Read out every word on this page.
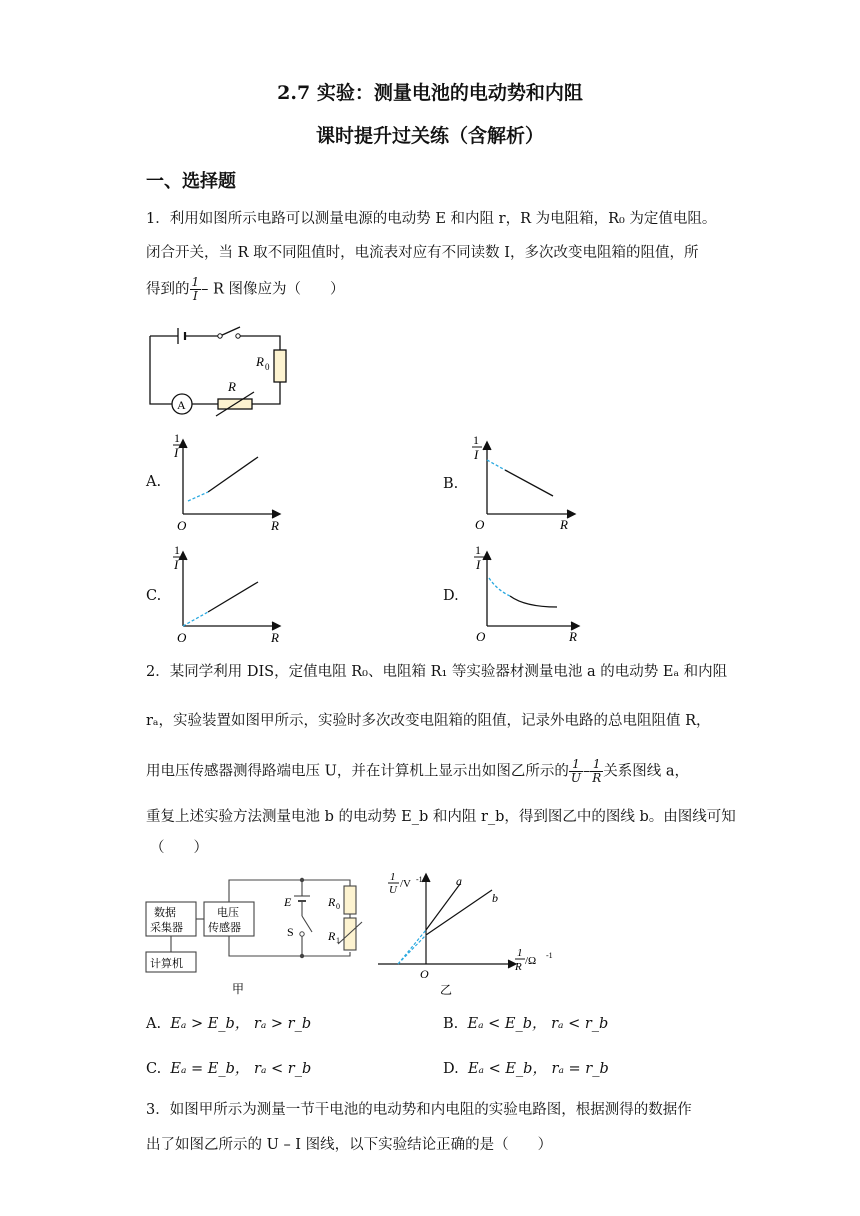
2.7 实验：测量电池的电动势和内阻
课时提升过关练（含解析）
一、选择题
1．利用如图所示电路可以测量电源的电动势 E 和内阻 r，R 为电阻箱，R₀ 为定值电阻。
闭合开关，当 R 取不同阻值时，电流表对应有不同读数 I，多次改变电阻箱的阻值，所
得到的 $\frac{1}{I}$ – R 图像应为（　　）
R 0
R
A
A.	B.
C.	D.
1
I
O	R
1
I
O	R
1
I
O	R
1
I
O	R
2．某同学利用 DIS，定值电阻 R₀、电阻箱 R₁ 等实验器材测量电池 a 的电动势 Eₐ 和内阻
rₐ，实验装置如图甲所示，实验时多次改变电阻箱的阻值，记录外电路的总电阻阻值 R，
用电压传感器测得路端电压 U，并在计算机上显示出如图乙所示的 $\frac{1}{U} - \frac{1}{R}$ 关系图线 a，
重复上述实验方法测量电池 b 的电动势 E_b 和内阻 r_b，得到图乙中的图线 b。由图线可知
（　　）
数据
采集器
电压
传感器
计算机
E
S
R 0
R 1
甲
1
U /V -1	a
b
O
1
R /Ω -1
乙
A. Eₐ > E_b， rₐ > r_b	B. Eₐ < E_b， rₐ < r_b
C. Eₐ = E_b， rₐ < r_b	D. Eₐ < E_b， rₐ = r_b
3．如图甲所示为测量一节干电池的电动势和内电阻的实验电路图，根据测得的数据作
出了如图乙所示的 U – I 图线，以下实验结论正确的是（　　）
